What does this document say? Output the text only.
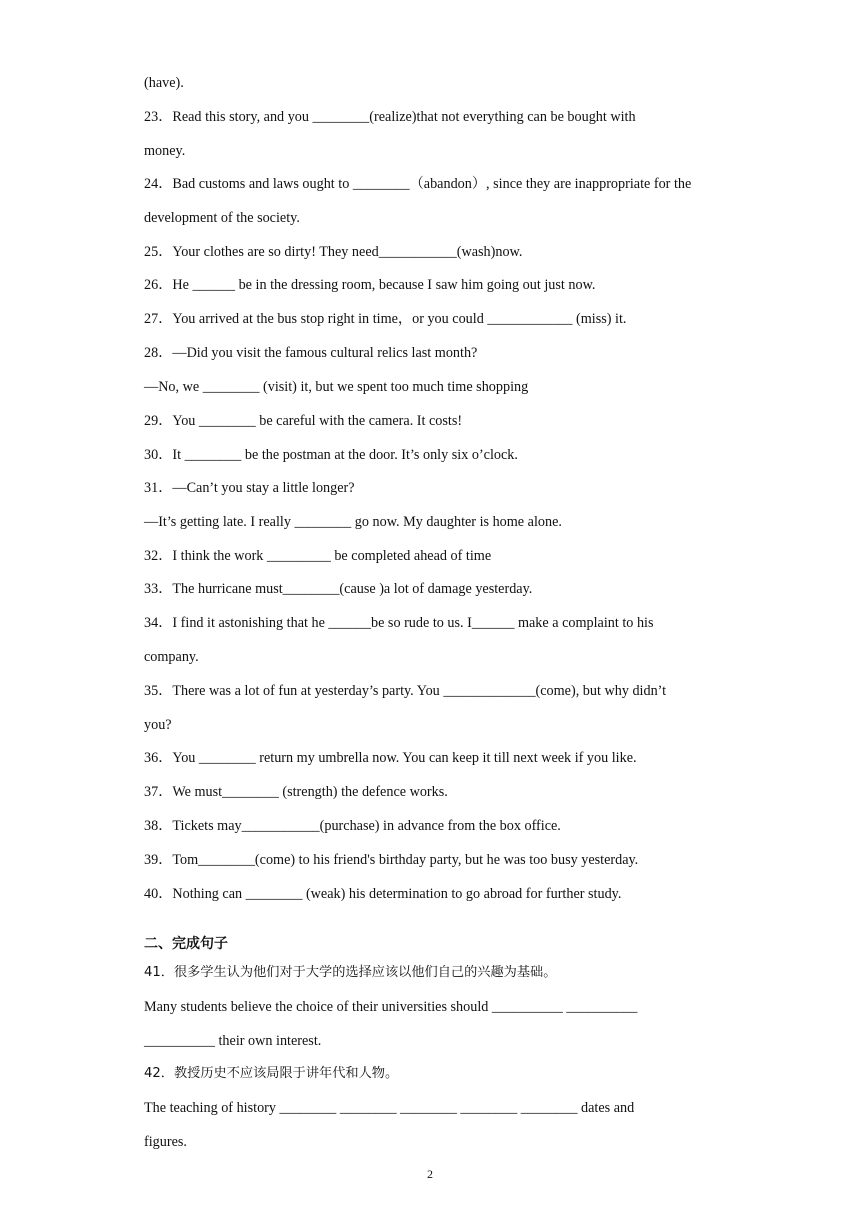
(have).
23．Read this story, and you ________(realize)that not everything can be bought with
money.
24．Bad customs and laws ought to ________（abandon）, since they are inappropriate for the
development of the society.
25．Your clothes are so dirty! They need___________(wash)now.
26．He ______ be in the dressing room, because I saw him going out just now.
27．You arrived at the bus stop right in time，or you could ____________ (miss) it.
28．—Did you visit the famous cultural relics last month?
—No, we ________ (visit) it, but we spent too much time shopping
29．You ________ be careful with the camera. It costs!
30．It ________ be the postman at the door. It’s only six o’clock.
31．—Can’t you stay a little longer?
—It’s getting late. I really ________ go now. My daughter is home alone.
32．I think the work _________ be completed ahead of time
33．The hurricane must________(cause )a lot of damage yesterday.
34．I find it astonishing that he ______be so rude to us. I______ make a complaint to his
company.
35．There was a lot of fun at yesterday’s party. You _____________(come), but why didn’t
you?
36．You ________ return my umbrella now. You can keep it till next week if you like.
37．We must________ (strength) the defence works.
38．Tickets may___________(purchase) in advance from the box office.
39．Tom________(come) to his friend's birthday party, but he was too busy yesterday.
40．Nothing can ________ (weak) his determination to go abroad for further study.
二、完成句子
41．很多学生认为他们对于大学的选择应该以他们自己的兴趣为基础。
Many students believe the choice of their universities should __________ __________
__________ their own interest.
42．教授历史不应该局限于讲年代和人物。
The teaching of history ________ ________ ________ ________ ________ dates and
figures.
2
